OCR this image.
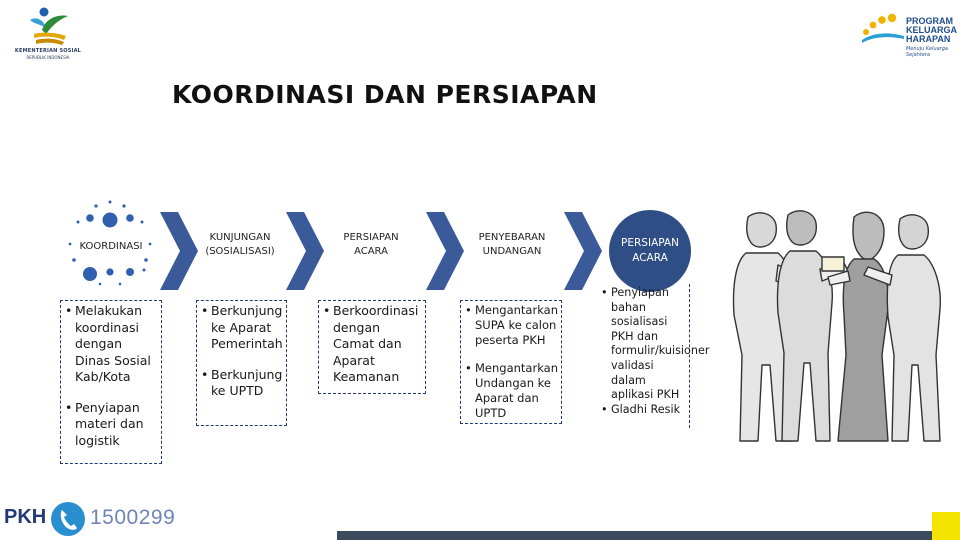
KEMENTERIAN SOSIAL
REPUBLIK INDONESIA
PROGRAM
KELUARGA
HARAPAN
Menuju Keluarga Sejahtera
KOORDINASI DAN PERSIAPAN
KOORDINASI
KUNJUNGAN (SOSIALISASI)
PERSIAPAN ACARA
PENYEBARAN UNDANGAN
PERSIAPAN ACARA
• Melakukan koordinasi dengan Dinas Sosial Kab/Kota
• Penyiapan materi dan logistik
• Berkunjung ke Aparat Pemerintah
• Berkunjung ke UPTD
• Berkoordinasi dengan Camat dan Aparat Keamanan
• Mengantarkan SUPA ke calon peserta PKH
• Mengantarkan Undangan ke Aparat dan UPTD
• Penyiapan bahan sosialisasi PKH dan formulir/kuisioner validasi dalam aplikasi PKH
• Gladhi Resik
PKH 1500299
